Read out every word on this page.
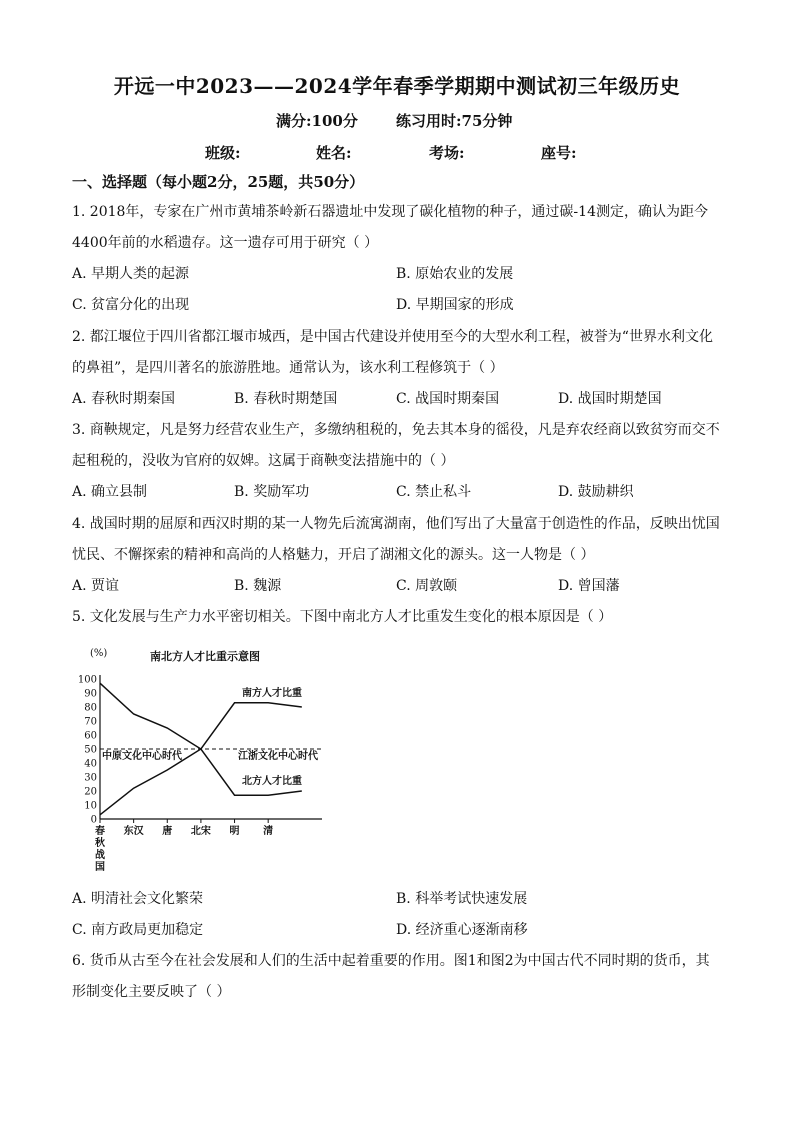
开远一中2023——2024学年春季学期期中测试初三年级历史
满分:100分	练习用时:75分钟
班级:	姓名:	考场:	座号:
一、选择题（每小题2分，25题，共50分）
1. 2018年，专家在广州市黄埔茶岭新石器遗址中发现了碳化植物的种子，通过碳-14测定，确认为距今
4400年前的水稻遗存。这一遗存可用于研究（ ）
A. 早期人类的起源	B. 原始农业的发展
C. 贫富分化的出现	D. 早期国家的形成
2. 都江堰位于四川省都江堰市城西，是中国古代建设并使用至今的大型水利工程，被誉为“世界水利文化
的鼻祖”，是四川著名的旅游胜地。通常认为，该水利工程修筑于（ ）
A. 春秋时期秦国	B. 春秋时期楚国	C. 战国时期秦国	D. 战国时期楚国
3. 商鞅规定，凡是努力经营农业生产，多缴纳租税的，免去其本身的徭役，凡是弃农经商以致贫穷而交不
起租税的，没收为官府的奴婢。这属于商鞅变法措施中的（ ）
A. 确立县制	B. 奖励军功	C. 禁止私斗	D. 鼓励耕织
4. 战国时期的屈原和西汉时期的某一人物先后流寓湖南，他们写出了大量富于创造性的作品，反映出忧国
忧民、不懈探索的精神和高尚的人格魅力，开启了湖湘文化的源头。这一人物是（ ）
A. 贾谊	B. 魏源	C. 周敦颐	D. 曾国藩
5. 文化发展与生产力水平密切相关。下图中南北方人才比重发生变化的根本原因是（ ）
0
10
20
30
40
50
60
70
80
90
100
春
秋
战
国
东汉 唐 北宋 明 清
(%)	南北方人才比重示意图
南方人才比重
北方人才比重
中原文化中心时代	江浙文化中心时代
A. 明清社会文化繁荣	B. 科举考试快速发展
C. 南方政局更加稳定	D. 经济重心逐渐南移
6. 货币从古至今在社会发展和人们的生活中起着重要的作用。图1和图2为中国古代不同时期的货币，其
形制变化主要反映了（ ）
